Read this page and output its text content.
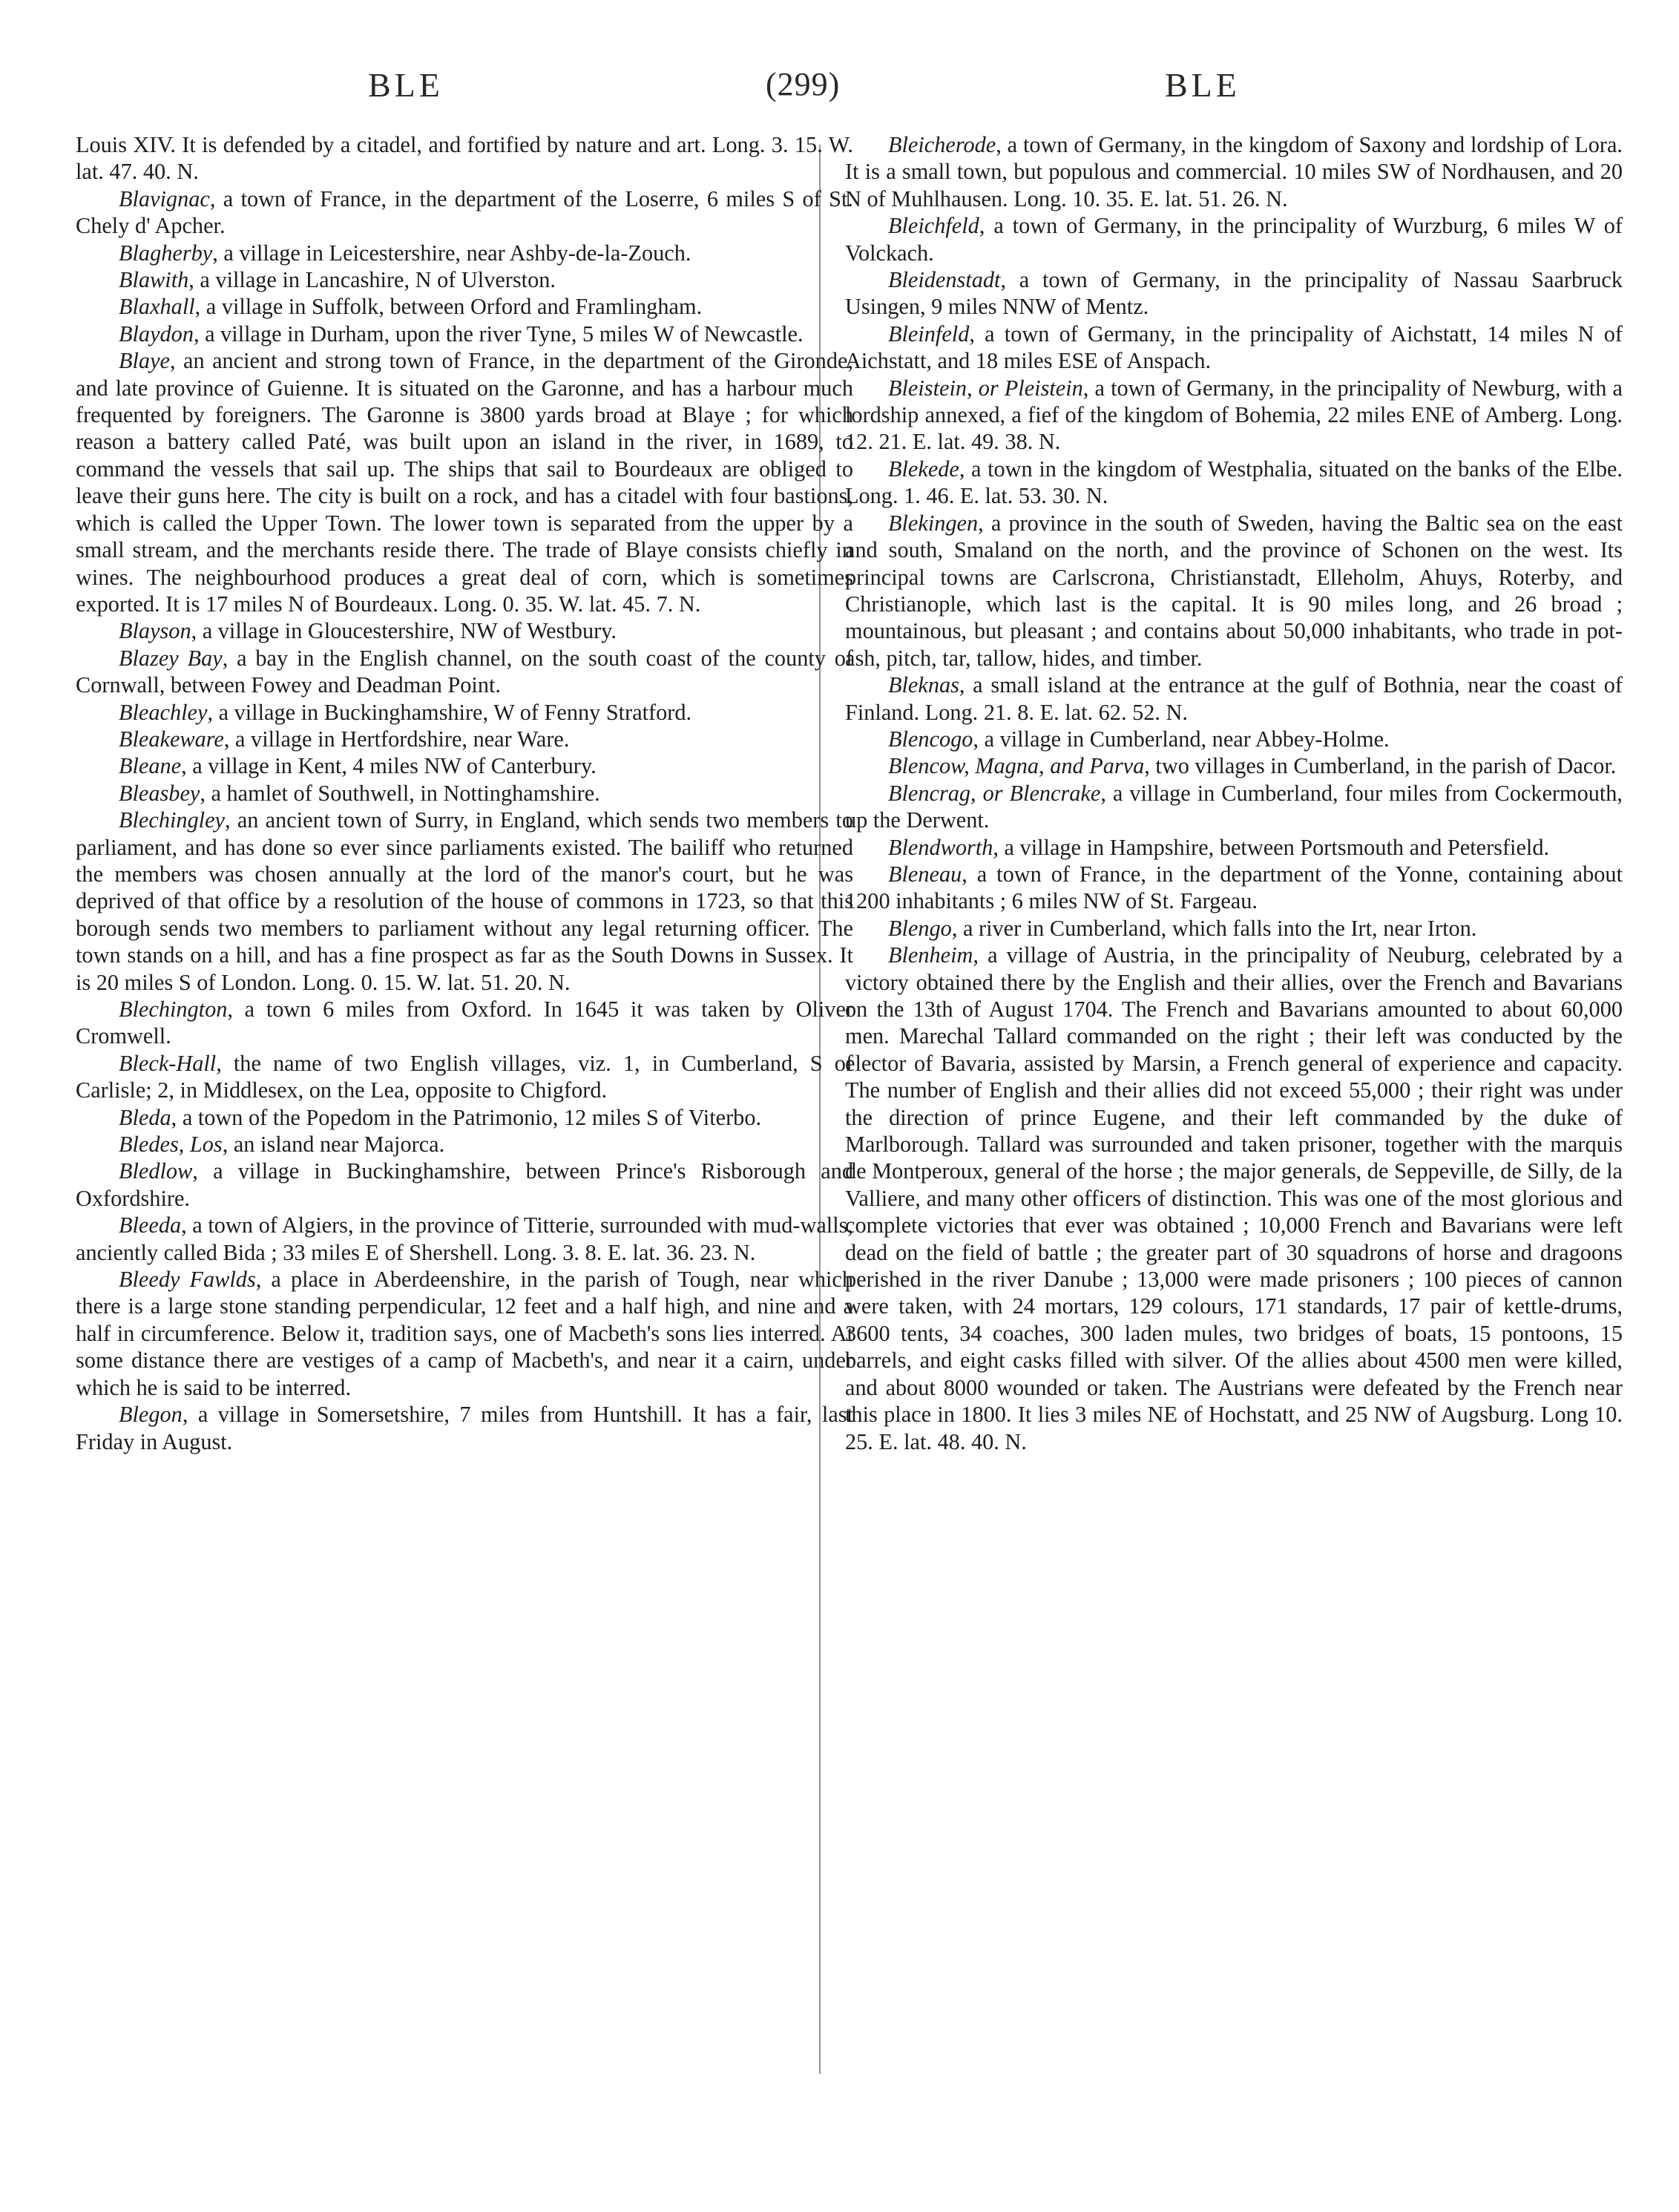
BLE	(299)	BLE

Louis XIV. It is defended by a citadel, and fortified by nature and art. Long. 3. 15. W. lat. 47. 40. N.

Blavignac, a town of France, in the department of the Loserre, 6 miles S of St. Chely d' Apcher.

Blagherby, a village in Leicestershire, near Ashby-de-la-Zouch.

Blawith, a village in Lancashire, N of Ulverston.

Blaxhall, a village in Suffolk, between Orford and Framlingham.

Blaydon, a village in Durham, upon the river Tyne, 5 miles W of Newcastle.

Blaye, an ancient and strong town of France, in the department of the Gironde, and late province of Guienne. It is situated on the Garonne, and has a harbour much frequented by foreigners. The Garonne is 3800 yards broad at Blaye ; for which reason a battery called Paté, was built upon an island in the river, in 1689, to command the vessels that sail up. The ships that sail to Bourdeaux are obliged to leave their guns here. The city is built on a rock, and has a citadel with four bastions, which is called the Upper Town. The lower town is separated from the upper by a small stream, and the merchants reside there. The trade of Blaye consists chiefly in wines. The neighbourhood produces a great deal of corn, which is sometimes exported. It is 17 miles N of Bourdeaux. Long. 0. 35. W. lat. 45. 7. N.

Blayson, a village in Gloucestershire, NW of Westbury.

Blazey Bay, a bay in the English channel, on the south coast of the county of Cornwall, between Fowey and Deadman Point.

Bleachley, a village in Buckinghamshire, W of Fenny Stratford.

Bleakeware, a village in Hertfordshire, near Ware.

Bleane, a village in Kent, 4 miles NW of Canterbury.

Bleasbey, a hamlet of Southwell, in Nottinghamshire.

Blechingley, an ancient town of Surry, in England, which sends two members to parliament, and has done so ever since parliaments existed. The bailiff who returned the members was chosen annually at the lord of the manor's court, but he was deprived of that office by a resolution of the house of commons in 1723, so that this borough sends two members to parliament without any legal returning officer. The town stands on a hill, and has a fine prospect as far as the South Downs in Sussex. It is 20 miles S of London. Long. 0. 15. W. lat. 51. 20. N.

Blechington, a town 6 miles from Oxford. In 1645 it was taken by Oliver Cromwell.

Bleck-Hall, the name of two English villages, viz. 1, in Cumberland, S of Carlisle; 2, in Middlesex, on the Lea, opposite to Chigford.

Bleda, a town of the Popedom in the Patrimonio, 12 miles S of Viterbo.

Bledes, Los, an island near Majorca.

Bledlow, a village in Buckinghamshire, between Prince's Risborough and Oxfordshire.

Bleeda, a town of Algiers, in the province of Titterie, surrounded with mud-walls, anciently called Bida ; 33 miles E of Shershell. Long. 3. 8. E. lat. 36. 23. N.

Bleedy Fawlds, a place in Aberdeenshire, in the parish of Tough, near which there is a large stone standing perpendicular, 12 feet and a half high, and nine and a half in circumference. Below it, tradition says, one of Macbeth's sons lies interred. At some distance there are vestiges of a camp of Macbeth's, and near it a cairn, under which he is said to be interred.

Blegon, a village in Somersetshire, 7 miles from Huntshill. It has a fair, last Friday in August.

Bleicherode, a town of Germany, in the kingdom of Saxony and lordship of Lora. It is a small town, but populous and commercial. 10 miles SW of Nordhausen, and 20 N of Muhlhausen. Long. 10. 35. E. lat. 51. 26. N.

Bleichfeld, a town of Germany, in the principality of Wurzburg, 6 miles W of Volckach.

Bleidenstadt, a town of Germany, in the principality of Nassau Saarbruck Usingen, 9 miles NNW of Mentz.

Bleinfeld, a town of Germany, in the principality of Aichstatt, 14 miles N of Aichstatt, and 18 miles ESE of Anspach.

Bleistein, or Pleistein, a town of Germany, in the principality of Newburg, with a lordship annexed, a fief of the kingdom of Bohemia, 22 miles ENE of Amberg. Long. 12. 21. E. lat. 49. 38. N.

Blekede, a town in the kingdom of Westphalia, situated on the banks of the Elbe. Long. 1. 46. E. lat. 53. 30. N.

Blekingen, a province in the south of Sweden, having the Baltic sea on the east and south, Smaland on the north, and the province of Schonen on the west. Its principal towns are Carlscrona, Christianstadt, Elleholm, Ahuys, Roterby, and Christianople, which last is the capital. It is 90 miles long, and 26 broad ; mountainous, but pleasant ; and contains about 50,000 inhabitants, who trade in pot-ash, pitch, tar, tallow, hides, and timber.

Bleknas, a small island at the entrance at the gulf of Bothnia, near the coast of Finland. Long. 21. 8. E. lat. 62. 52. N.

Blencogo, a village in Cumberland, near Abbey-Holme.

Blencow, Magna, and Parva, two villages in Cumberland, in the parish of Dacor.

Blencrag, or Blencrake, a village in Cumberland, four miles from Cockermouth, up the Derwent.

Blendworth, a village in Hampshire, between Portsmouth and Petersfield.

Bleneau, a town of France, in the department of the Yonne, containing about 1200 inhabitants ; 6 miles NW of St. Fargeau.

Blengo, a river in Cumberland, which falls into the Irt, near Irton.

Blenheim, a village of Austria, in the principality of Neuburg, celebrated by a victory obtained there by the English and their allies, over the French and Bavarians on the 13th of August 1704. The French and Bavarians amounted to about 60,000 men. Marechal Tallard commanded on the right ; their left was conducted by the elector of Bavaria, assisted by Marsin, a French general of experience and capacity. The number of English and their allies did not exceed 55,000 ; their right was under the direction of prince Eugene, and their left commanded by the duke of Marlborough. Tallard was surrounded and taken prisoner, together with the marquis de Montperoux, general of the horse ; the major generals, de Seppeville, de Silly, de la Valliere, and many other officers of distinction. This was one of the most glorious and complete victories that ever was obtained ; 10,000 French and Bavarians were left dead on the field of battle ; the greater part of 30 squadrons of horse and dragoons perished in the river Danube ; 13,000 were made prisoners ; 100 pieces of cannon were taken, with 24 mortars, 129 colours, 171 standards, 17 pair of kettle-drums, 3600 tents, 34 coaches, 300 laden mules, two bridges of boats, 15 pontoons, 15 barrels, and eight casks filled with silver. Of the allies about 4500 men were killed, and about 8000 wounded or taken. The Austrians were defeated by the French near this place in 1800. It lies 3 miles NE of Hochstatt, and 25 NW of Augsburg. Long 10. 25. E. lat. 48. 40. N.
